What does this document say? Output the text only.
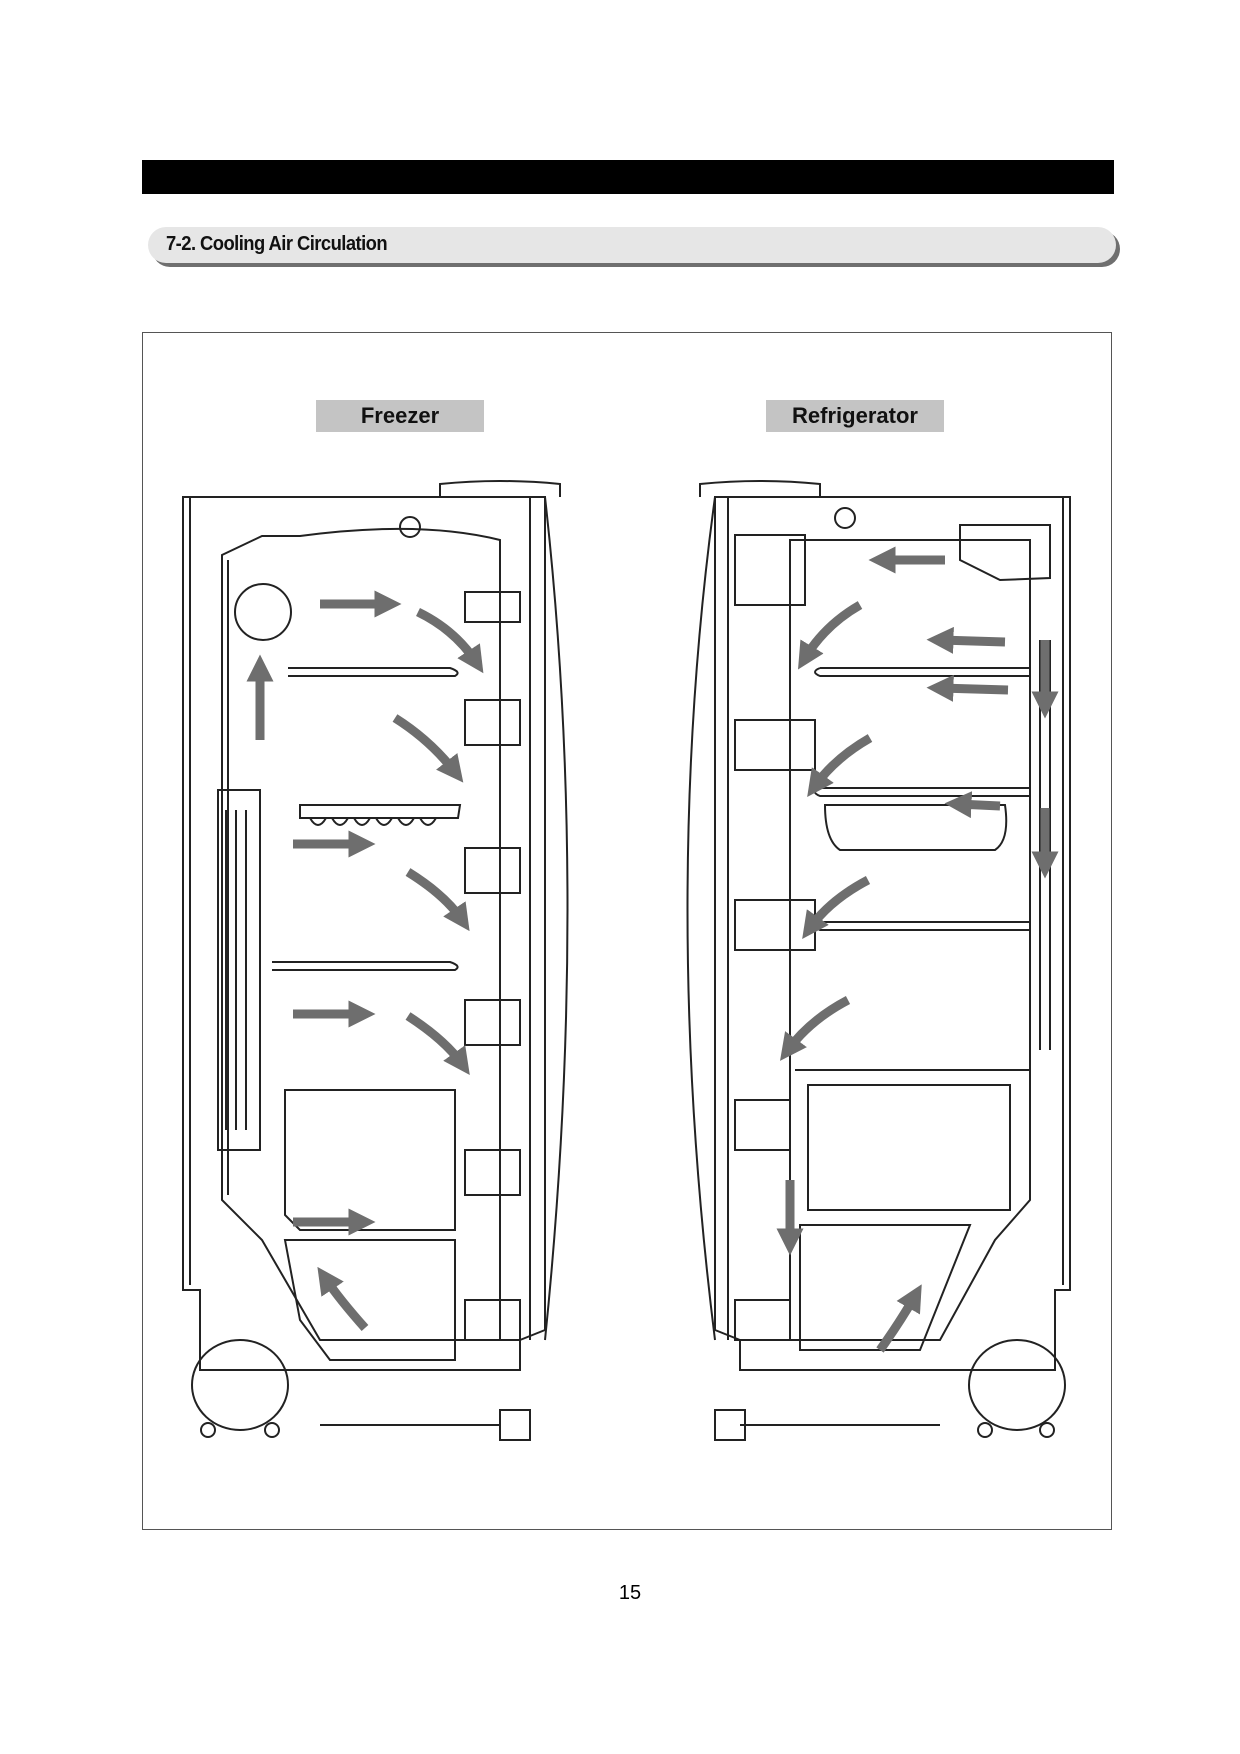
7-2. Cooling Air Circulation
Freezer	Refrigerator
15
